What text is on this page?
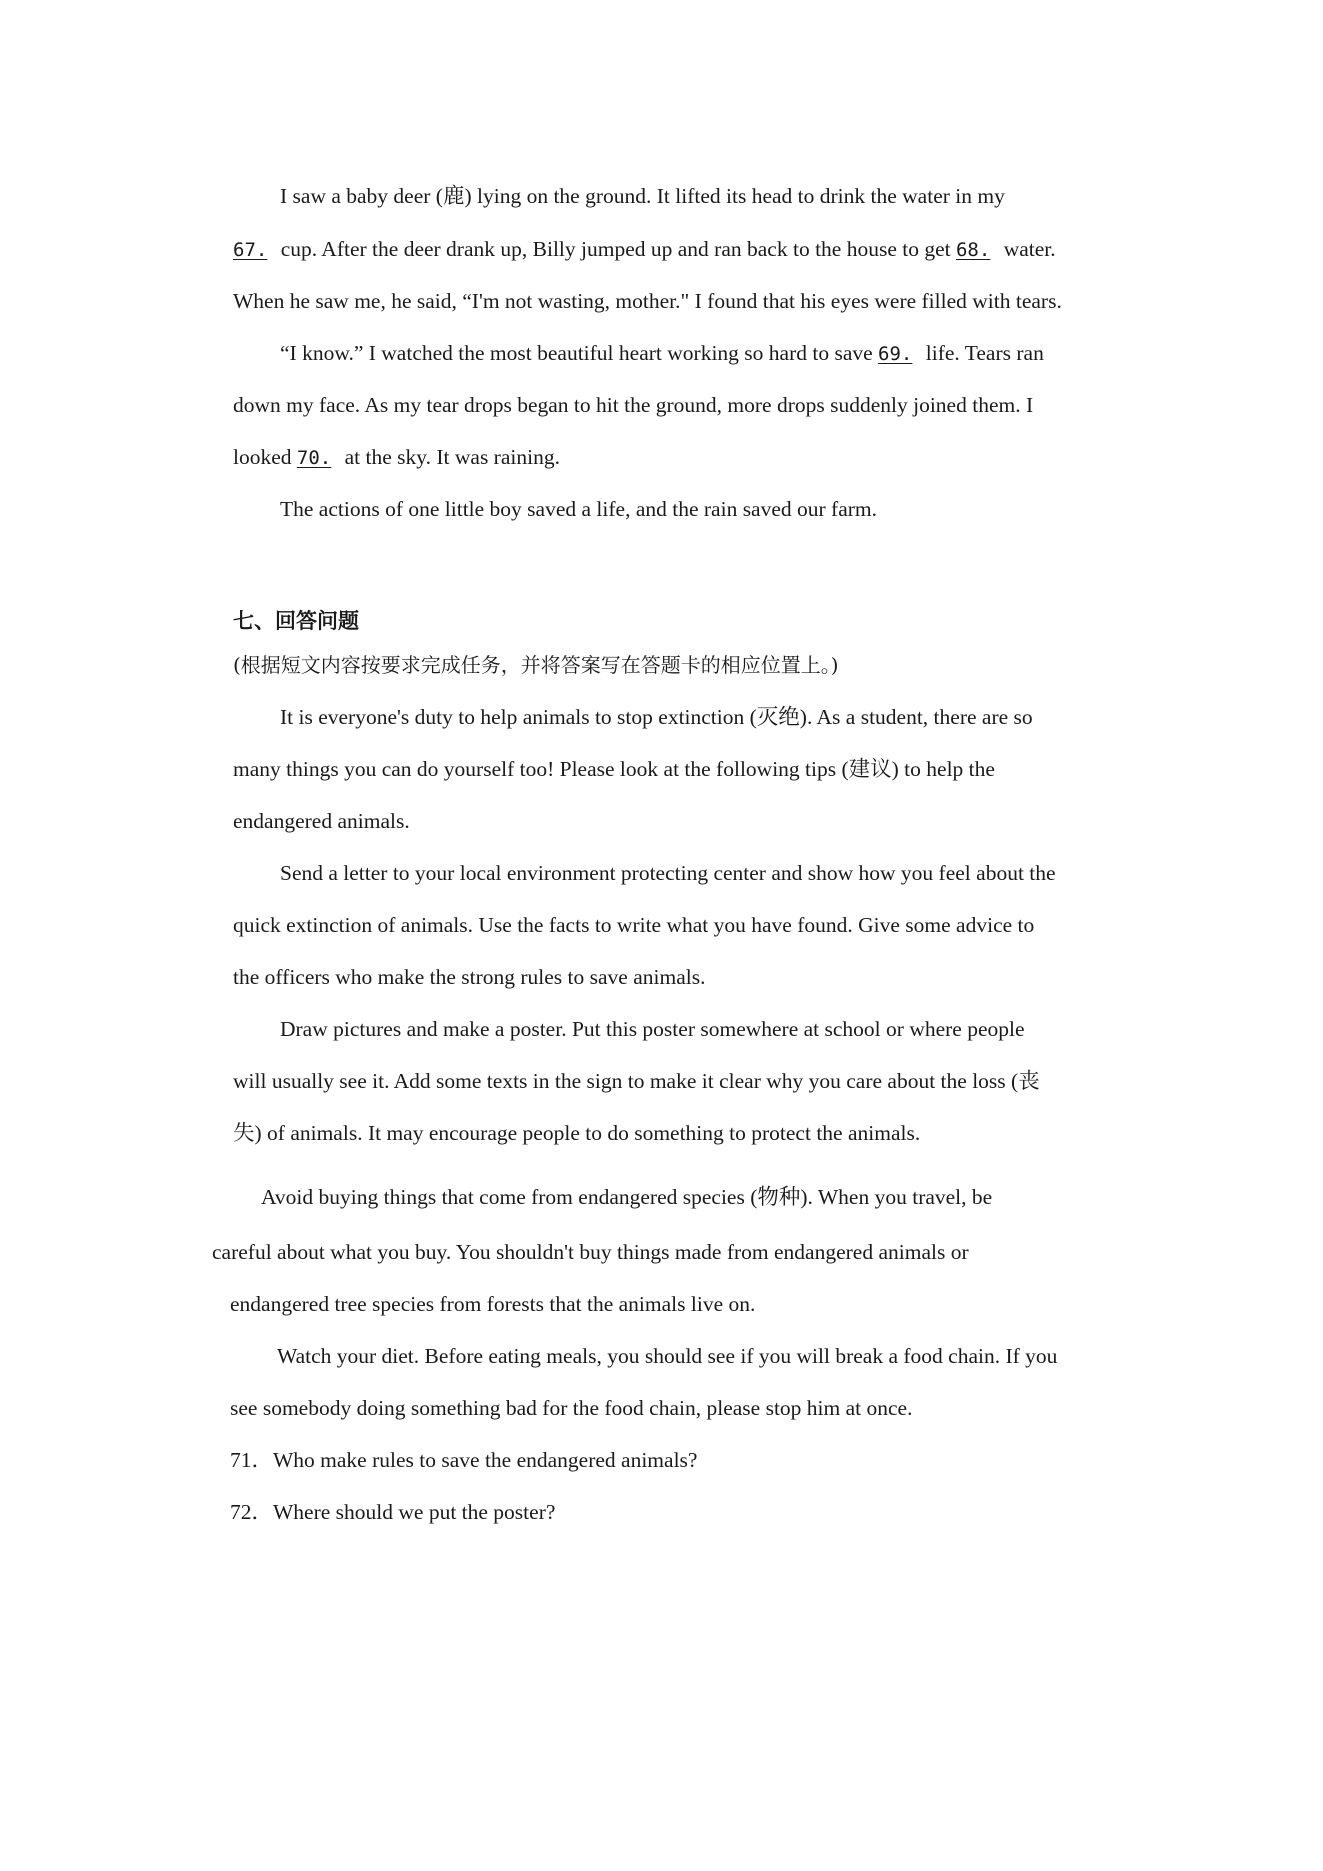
I saw a baby deer (鹿) lying on the ground. It lifted its head to drink the water in my
67. cup. After the deer drank up, Billy jumped up and ran back to the house to get 68. water.
When he saw me, he said, “I'm not wasting, mother." I found that his eyes were filled with tears.
“I know.” I watched the most beautiful heart working so hard to save 69. life. Tears ran
down my face. As my tear drops began to hit the ground, more drops suddenly joined them. I
looked 70. at the sky. It was raining.
The actions of one little boy saved a life, and the rain saved our farm.
七、回答问题
(根据短文内容按要求完成任务，并将答案写在答题卡的相应位置上。)
It is everyone's duty to help animals to stop extinction (灭绝). As a student, there are so
many things you can do yourself too! Please look at the following tips (建议) to help the
endangered animals.
Send a letter to your local environment protecting center and show how you feel about the
quick extinction of animals. Use the facts to write what you have found. Give some advice to
the officers who make the strong rules to save animals.
Draw pictures and make a poster. Put this poster somewhere at school or where people
will usually see it. Add some texts in the sign to make it clear why you care about the loss (丧
失) of animals. It may encourage people to do something to protect the animals.
Avoid buying things that come from endangered species (物种). When you travel, be
careful about what you buy. You shouldn't buy things made from endangered animals or
endangered tree species from forests that the animals live on.
Watch your diet. Before eating meals, you should see if you will break a food chain. If you
see somebody doing something bad for the food chain, please stop him at once.
71．Who make rules to save the endangered animals?
72．Where should we put the poster?
